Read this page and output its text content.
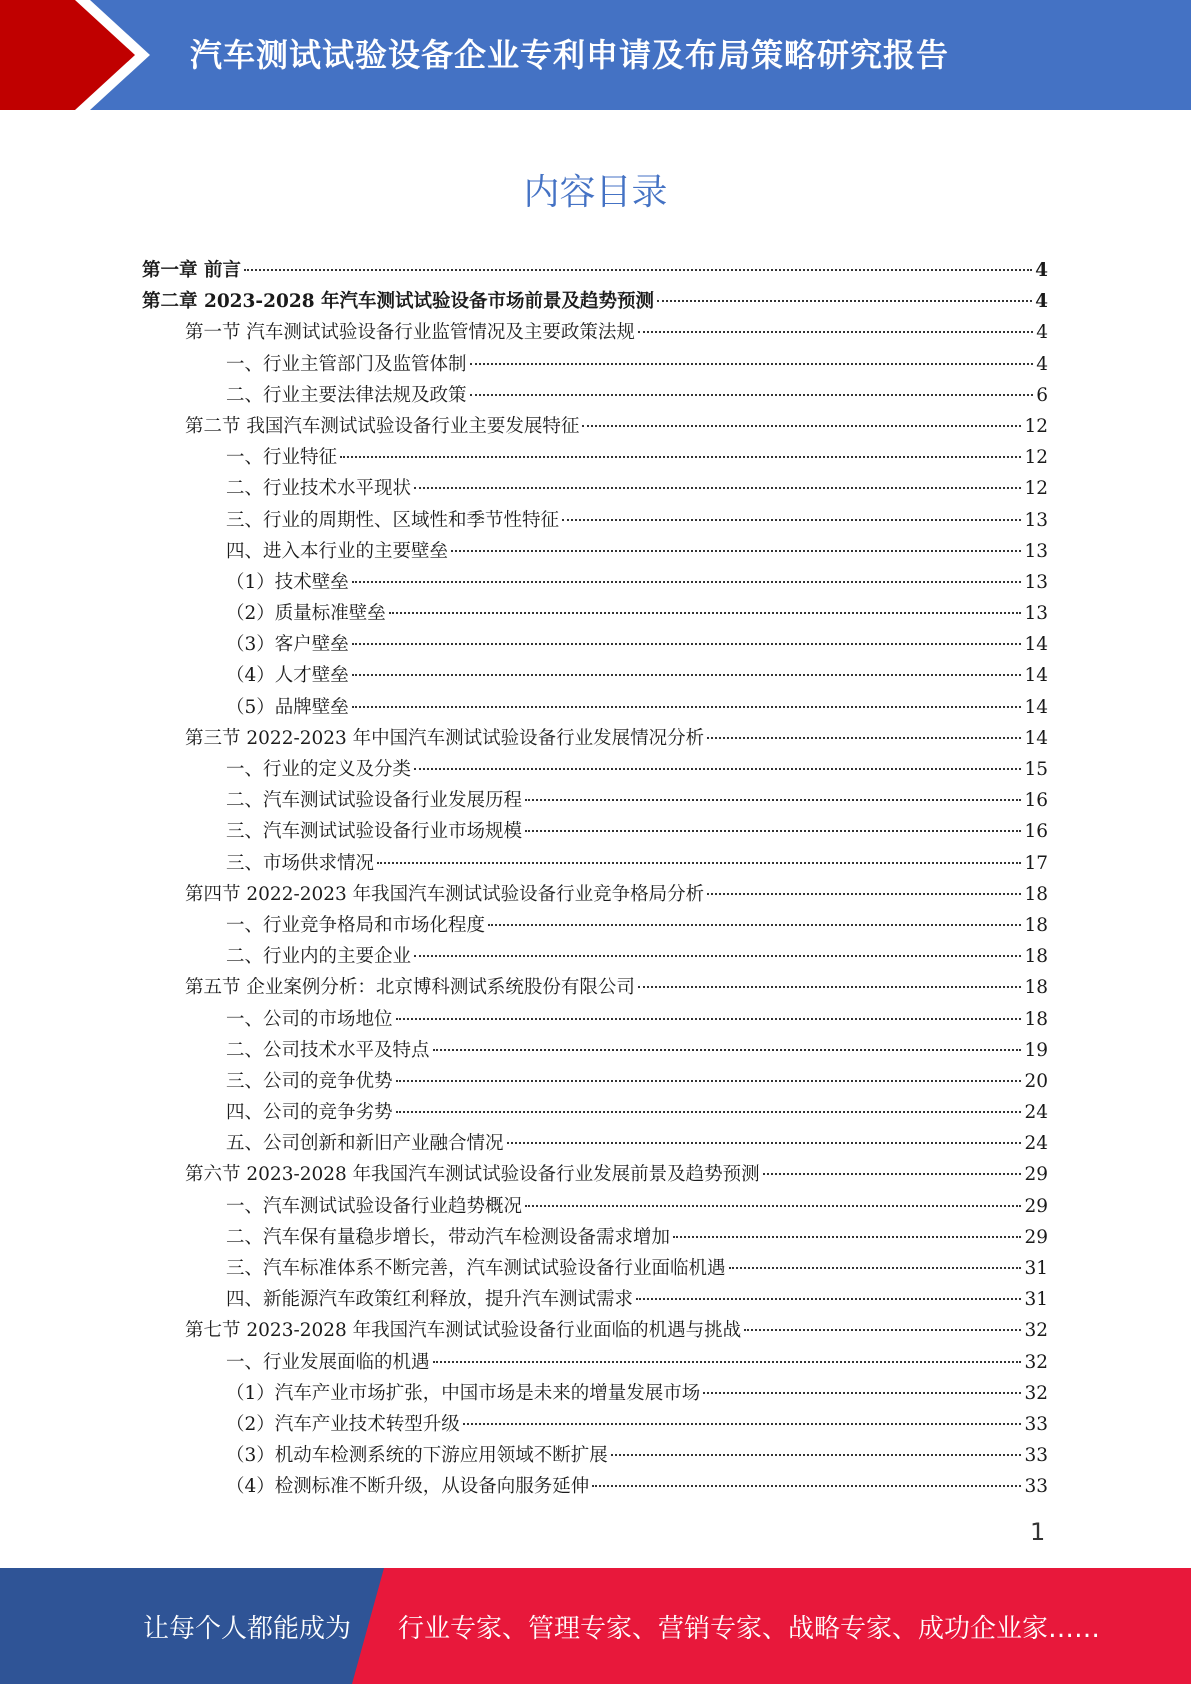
汽车测试试验设备企业专利申请及布局策略研究报告
内容目录
第一章 前言	4
第二章 2023-2028 年汽车测试试验设备市场前景及趋势预测	4
第一节 汽车测试试验设备行业监管情况及主要政策法规	4
一、行业主管部门及监管体制	4
二、行业主要法律法规及政策	6
第二节 我国汽车测试试验设备行业主要发展特征	12
一、行业特征	12
二、行业技术水平现状	12
三、行业的周期性、区域性和季节性特征	13
四、进入本行业的主要壁垒	13
（1）技术壁垒	13
（2）质量标准壁垒	13
（3）客户壁垒	14
（4）人才壁垒	14
（5）品牌壁垒	14
第三节 2022-2023 年中国汽车测试试验设备行业发展情况分析	14
一、行业的定义及分类	15
二、汽车测试试验设备行业发展历程	16
三、汽车测试试验设备行业市场规模	16
三、市场供求情况	17
第四节 2022-2023 年我国汽车测试试验设备行业竞争格局分析	18
一、行业竞争格局和市场化程度	18
二、行业内的主要企业	18
第五节 企业案例分析：北京博科测试系统股份有限公司	18
一、公司的市场地位	18
二、公司技术水平及特点	19
三、公司的竞争优势	20
四、公司的竞争劣势	24
五、公司创新和新旧产业融合情况	24
第六节 2023-2028 年我国汽车测试试验设备行业发展前景及趋势预测	29
一、汽车测试试验设备行业趋势概况	29
二、汽车保有量稳步增长，带动汽车检测设备需求增加	29
三、汽车标准体系不断完善，汽车测试试验设备行业面临机遇	31
四、新能源汽车政策红利释放，提升汽车测试需求	31
第七节 2023-2028 年我国汽车测试试验设备行业面临的机遇与挑战	32
一、行业发展面临的机遇	32
（1）汽车产业市场扩张，中国市场是未来的增量发展市场	32
（2）汽车产业技术转型升级	33
（3）机动车检测系统的下游应用领域不断扩展	33
（4）检测标准不断升级，从设备向服务延伸	33
1
让每个人都能成为 行业专家、管理专家、营销专家、战略专家、成功企业家……
